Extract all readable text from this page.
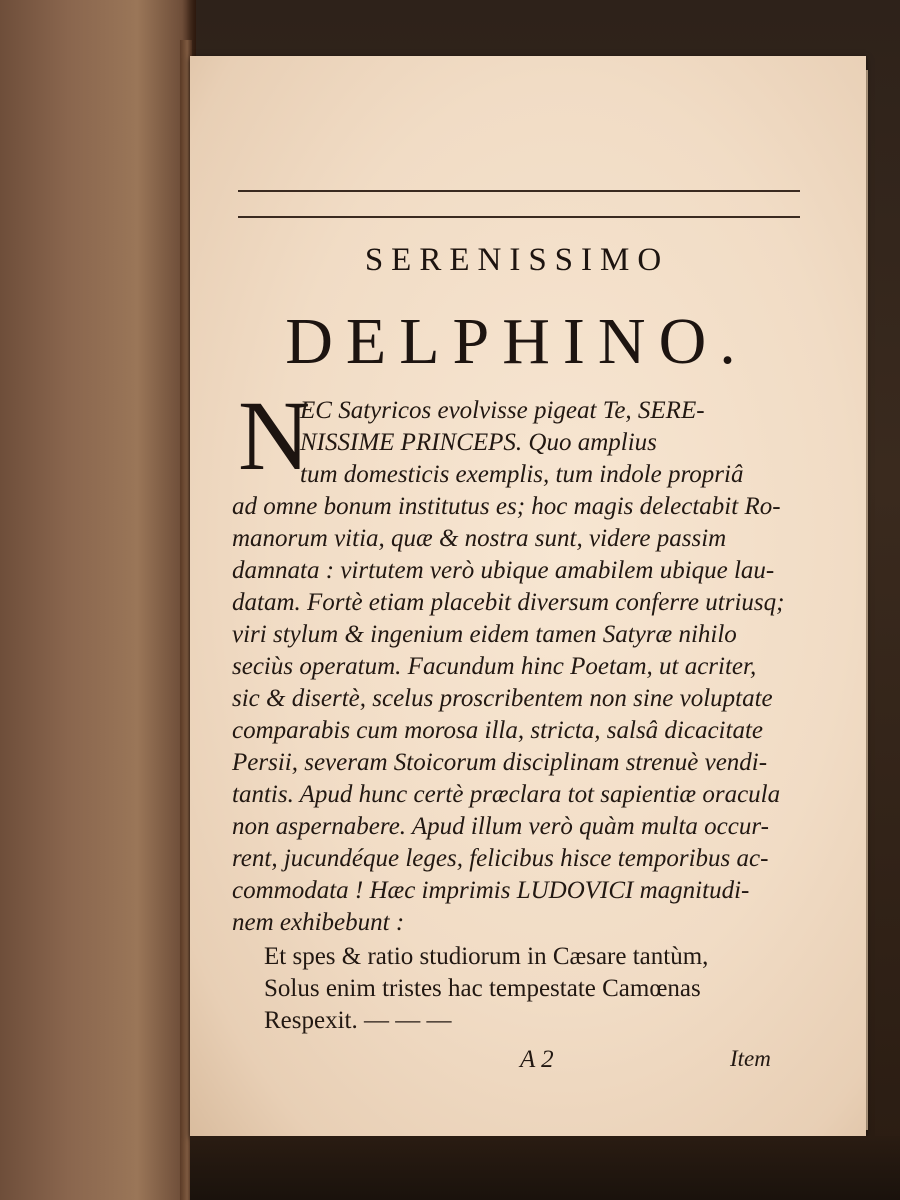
SERENISSIMO
DELPHINO.
N
EC Satyricos evolvisse pigeat Te, SERE-
NISSIME PRINCEPS. Quo amplius
tum domesticis exemplis, tum indole propriâ
ad omne bonum institutus es; hoc magis delectabit Ro-
manorum vitia, quæ & nostra sunt, videre passim
damnata : virtutem verò ubique amabilem ubique lau-
datam. Fortè etiam placebit diversum conferre utriusq;
viri stylum & ingenium eidem tamen Satyræ nihilo
seciùs operatum. Facundum hinc Poetam, ut acriter,
sic & disertè, scelus proscribentem non sine voluptate
comparabis cum morosa illa, stricta, salsâ dicacitate
Persii, severam Stoicorum disciplinam strenuè vendi-
tantis. Apud hunc certè præclara tot sapientiæ oracula
non aspernabere. Apud illum verò quàm multa occur-
rent, jucundéque leges, felicibus hisce temporibus ac-
commodata ! Hæc imprimis LUDOVICI magnitudi-
nem exhibebunt :
Et spes & ratio studiorum in Cæsare tantùm,
Solus enim tristes hac tempestate Camœnas
Respexit. — — —
A 2	Item
